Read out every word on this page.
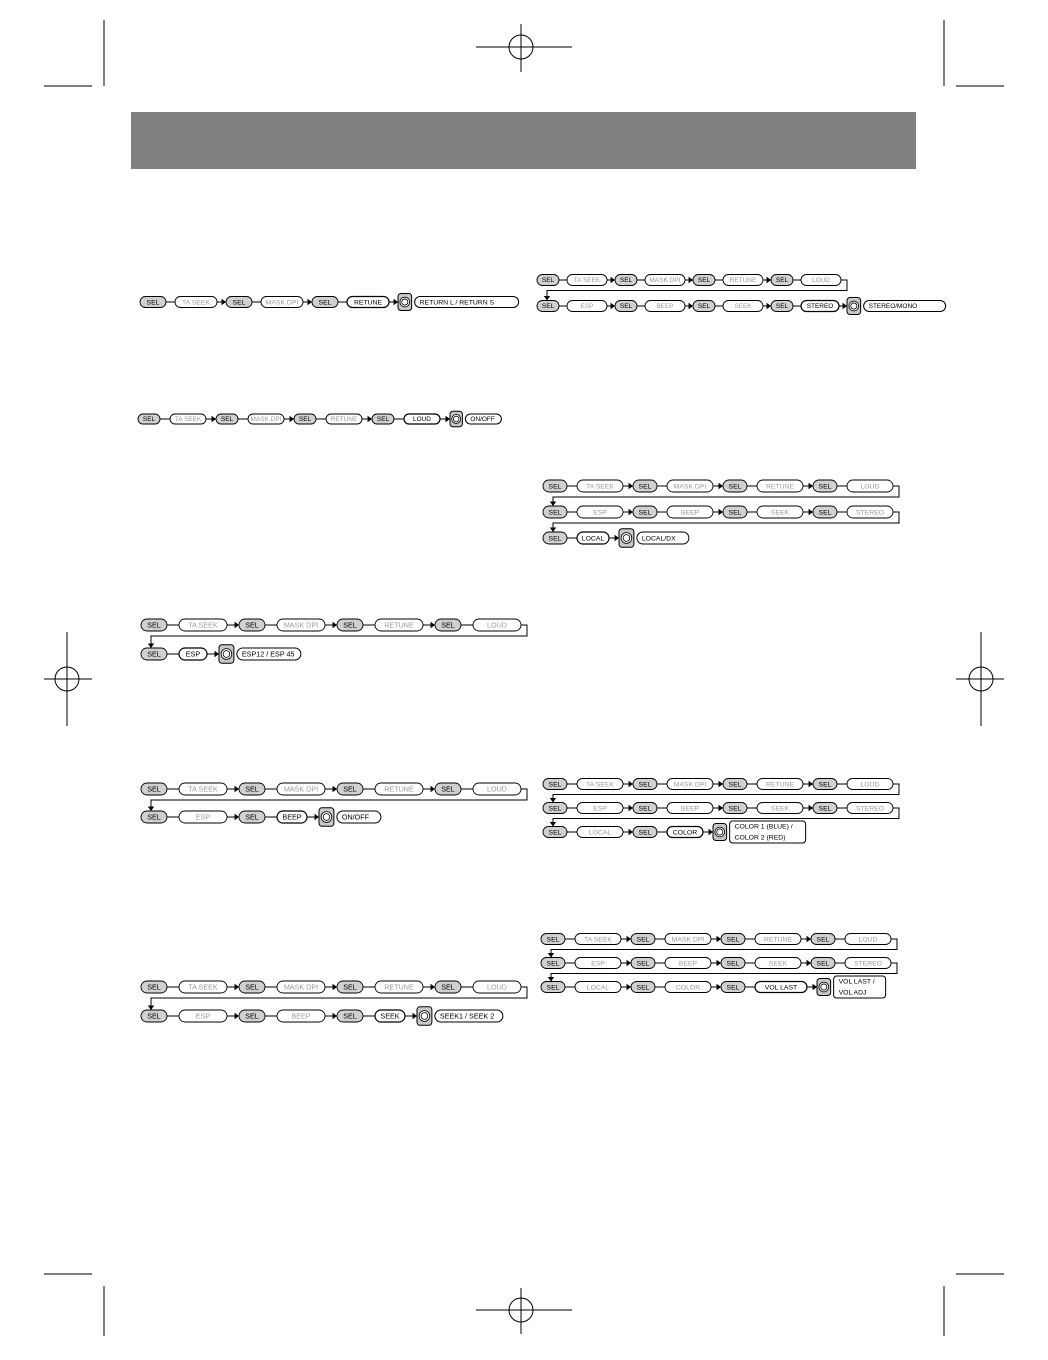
SEL	TA SEEK	SEL	MASK DPI	SEL	RETUNE	RETURN L / RETURN S
SEL	TA SEEK	SEL	MASK DPI	SEL	RETUNE	SEL	LOUD	ON/OFF
SEL	TA SEEK	SEL	MASK DPI	SEL	RETUNE	SEL	LOUD
SEL	ESP	ESP12 / ESP 45
SEL	TA SEEK	SEL	MASK DPI	SEL	RETUNE	SEL	LOUD
SEL	ESP	SEL	BEEP	ON/OFF
SEL	TA SEEK	SEL	MASK DPI	SEL	RETUNE	SEL	LOUD
SEL	ESP	SEL	BEEP	SEL	SEEK	SEEK1 / SEEK 2
SEL	TA SEEK	SEL	MASK DPI	SEL	RETUNE	SEL	LOUD
SEL	ESP	SEL	BEEP	SEL	SEEK	SEL	STEREO	STEREO/MONO
SEL	TA SEEK	SEL	MASK DPI	SEL	RETUNE	SEL	LOUD
SEL	ESP	SEL	BEEP	SEL	SEEK	SEL	STEREO
SEL	LOCAL	LOCAL/DX
SEL	TA SEEK	SEL	MASK DPI	SEL	RETUNE	SEL	LOUD
SEL	ESP	SEL	BEEP	SEL	SEEK	SEL	STEREO
SEL	LOCAL	SEL	COLOR
COLOR 1 (BLUE) /
COLOR 2 (RED)
SEL	TA SEEK	SEL	MASK DPI	SEL	RETUNE	SEL	LOUD
SEL	ESP	SEL	BEEP	SEL	SEEK	SEL	STEREO
SEL	LOCAL	SEL	COLOR	SEL	VOL LAST
VOL LAST /
VOL ADJ
